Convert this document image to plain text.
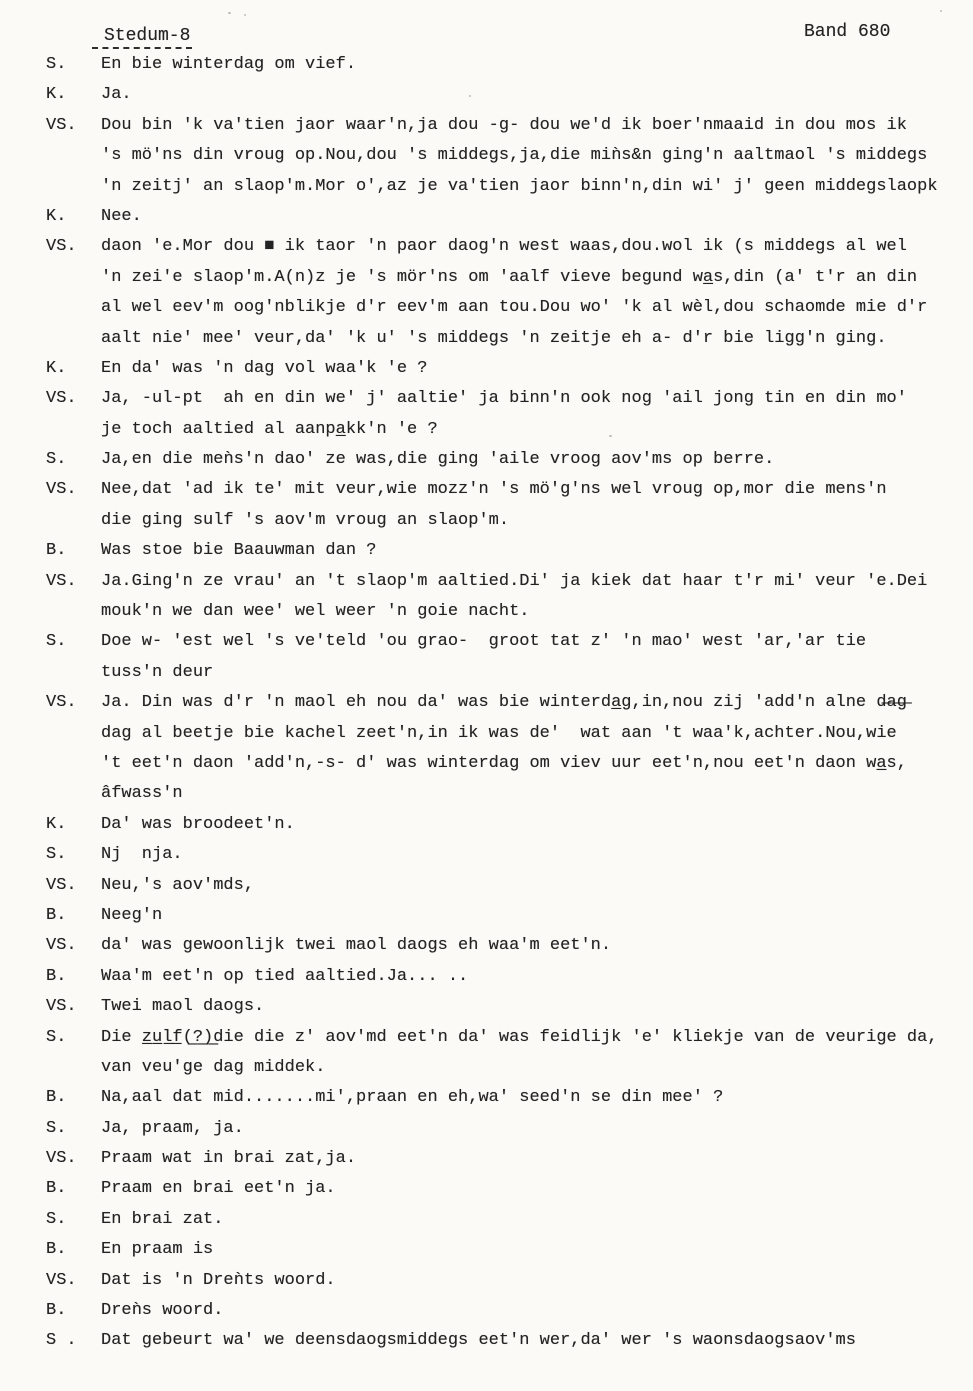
Stedum-8	Band 680
S. En bie winterdag om vief.
K. Ja.
VS. Dou bin 'k va'tien jaor waar'n,ja dou -g- dou we'd ik boer'nmaaid in dou mos ik
's mö'ns din vroug op.Nou,dou 's middegs,ja,die miǹs&n ging'n aaltmaol 's middegs
'n zeitj' an slaop'm.Mor o',az je va'tien jaor binn'n,din wi' j' geen middegslaopk
K. Nee.
VS. daon 'e.Mor dou ■ ik taor 'n paor daog'n west waas,dou.wol ik (s middegs al wel
'n zei'e slaop'm.A(n)z je 's mör'ns om 'aalf vieve begund wa̲s,din (a' t'r an din
al wel eev'm oog'nblikje d'r eev'm aan tou.Dou wo' 'k al wèl,dou schaomde mie d'r
aalt nie' mee' veur,da' 'k u' 's middegs 'n zeitje eh a- d'r bie ligg'n ging.
K. En da' was 'n dag vol waa'k 'e ?
VS. Ja, -ul-pt  ah en din we' j' aaltie' ja binn'n ook nog 'ail jong tin en din mo'
je toch aaltied al aanpa̲kk'n 'e ?
S. Ja,en die meǹs'n dao' ze was,die ging 'aile vroog aov'ms op berre.
VS. Nee,dat 'ad ik te' mit veur,wie mozz'n 's mö'g'ns wel vroug op,mor die mens'n
die ging sulf 's aov'm vroug an slaop'm.
B. Was stoe bie Baauwman dan ?
VS. Ja.Ging'n ze vrau' an 't slaop'm aaltied.Di' ja kiek dat haar t'r mi' veur 'e.Dei
mouk'n we dan wee' wel weer 'n goie nacht.
S. Doe w- 'est wel 's ve'teld 'ou grao-  groot tat z' 'n mao' west 'ar,'ar tie
tuss'n deur
VS. Ja. Din was d'r 'n maol eh nou da' was bie winterda̲g,in,nou zij 'add'n alne d̶a̶g̶
dag al beetje bie kachel zeet'n,in ik was de'  wat aan 't waa'k,achter.Nou,wie
't eet'n daon 'add'n,-s- d' was winterdag om viev uur eet'n,nou eet'n daon wa̲s,
âfwass'n
K. Da' was broodeet'n.
S. Nj  nja.
VS. Neu,'s aov'mds,
B. Neeg'n
VS. da' was gewoonlijk twei maol daogs eh waa'm eet'n.
B. Waa'm eet'n op tied aaltied.Ja... ..
VS. Twei maol daogs.
S. Die z̲u̲l̲f̲(̲?̲)̲die die z' aov'md eet'n da' was feidlijk 'e' kliekje van de veurige da,
van veu'ge dag middek.
B. Na,aal dat mid.......mi',praan en eh,wa' seed'n se din mee' ?
S. Ja, praam, ja.
VS. Praam wat in brai zat,ja.
B. Praam en brai eet'n ja.
S. En brai zat.
B. En praam is
VS. Dat is 'n Dreǹts woord.
B. Dreǹs woord.
S . Dat gebeurt wa' we deensdaogsmiddegs eet'n wer,da' wer 's waonsdaogsaov'ms
